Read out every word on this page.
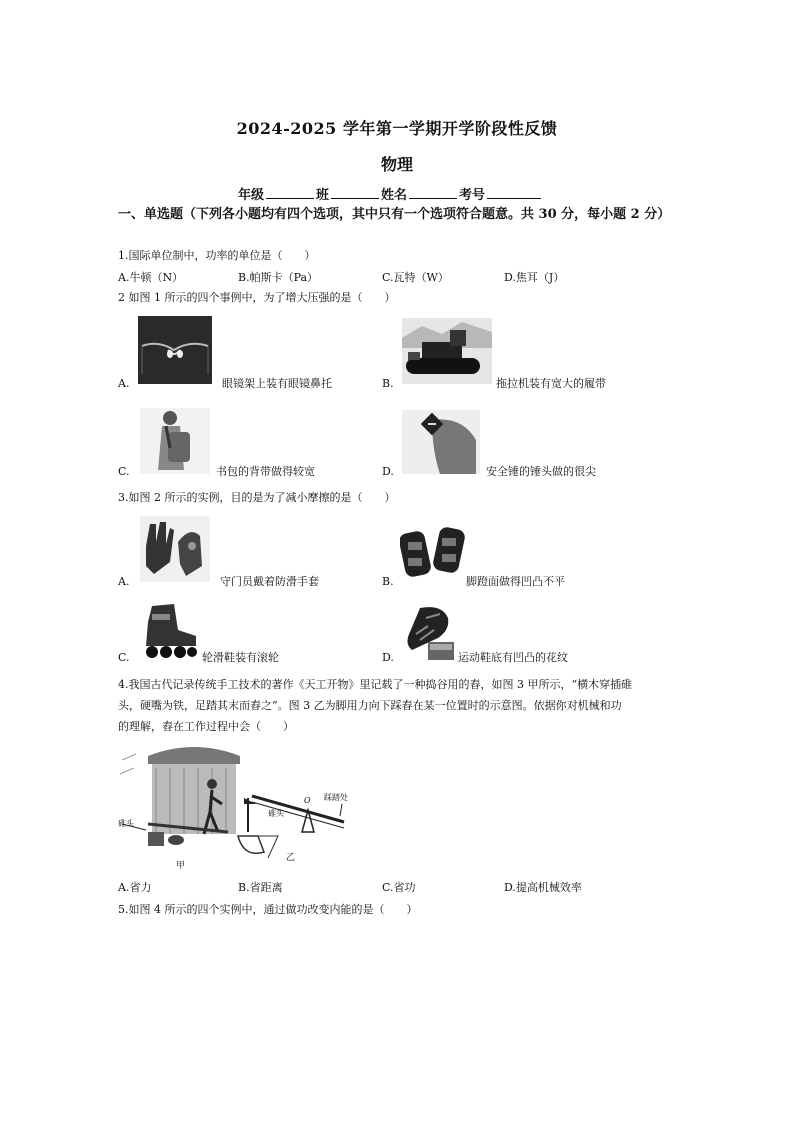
2024-2025 学年第一学期开学阶段性反馈
物理
年级	班	姓名	考号
一、单选题（下列各小题均有四个选项，其中只有一个选项符合题意。共 30 分，每小题 2 分）
1.国际单位制中，功率的单位是（　　）
A.牛顿（N）	B.帕斯卡（Pa）	C.瓦特（W）	D.焦耳（J）
2 如图 1 所示的四个事例中，为了增大压强的是（　　）
A.	眼镜架上装有眼镜鼻托	B.	拖拉机装有宽大的履带
C.	书包的背带做得较宽	D.	安全锤的锤头做的很尖
3.如图 2 所示的实例，目的是为了减小摩擦的是（　　）
A.	守门员戴着防滑手套	B.	脚蹬面做得凹凸不平
C.	轮滑鞋装有滚轮	D.	运动鞋底有凹凸的花纹
4.我国古代记录传统手工技术的著作《天工开物》里记载了一种捣谷用的舂，如图 3 甲所示，“横木穿插碓
头，硬嘴为铁，足踏其末而舂之”。图 3 乙为脚用力向下踩舂在某一位置时的示意图。依据你对机械和功
的理解，舂在工作过程中会（　　）
碓头
碓头
O 踩踏处
甲
乙
A.省力	B.省距离	C.省功	D.提高机械效率
5.如图 4 所示的四个实例中，通过做功改变内能的是（　　）
